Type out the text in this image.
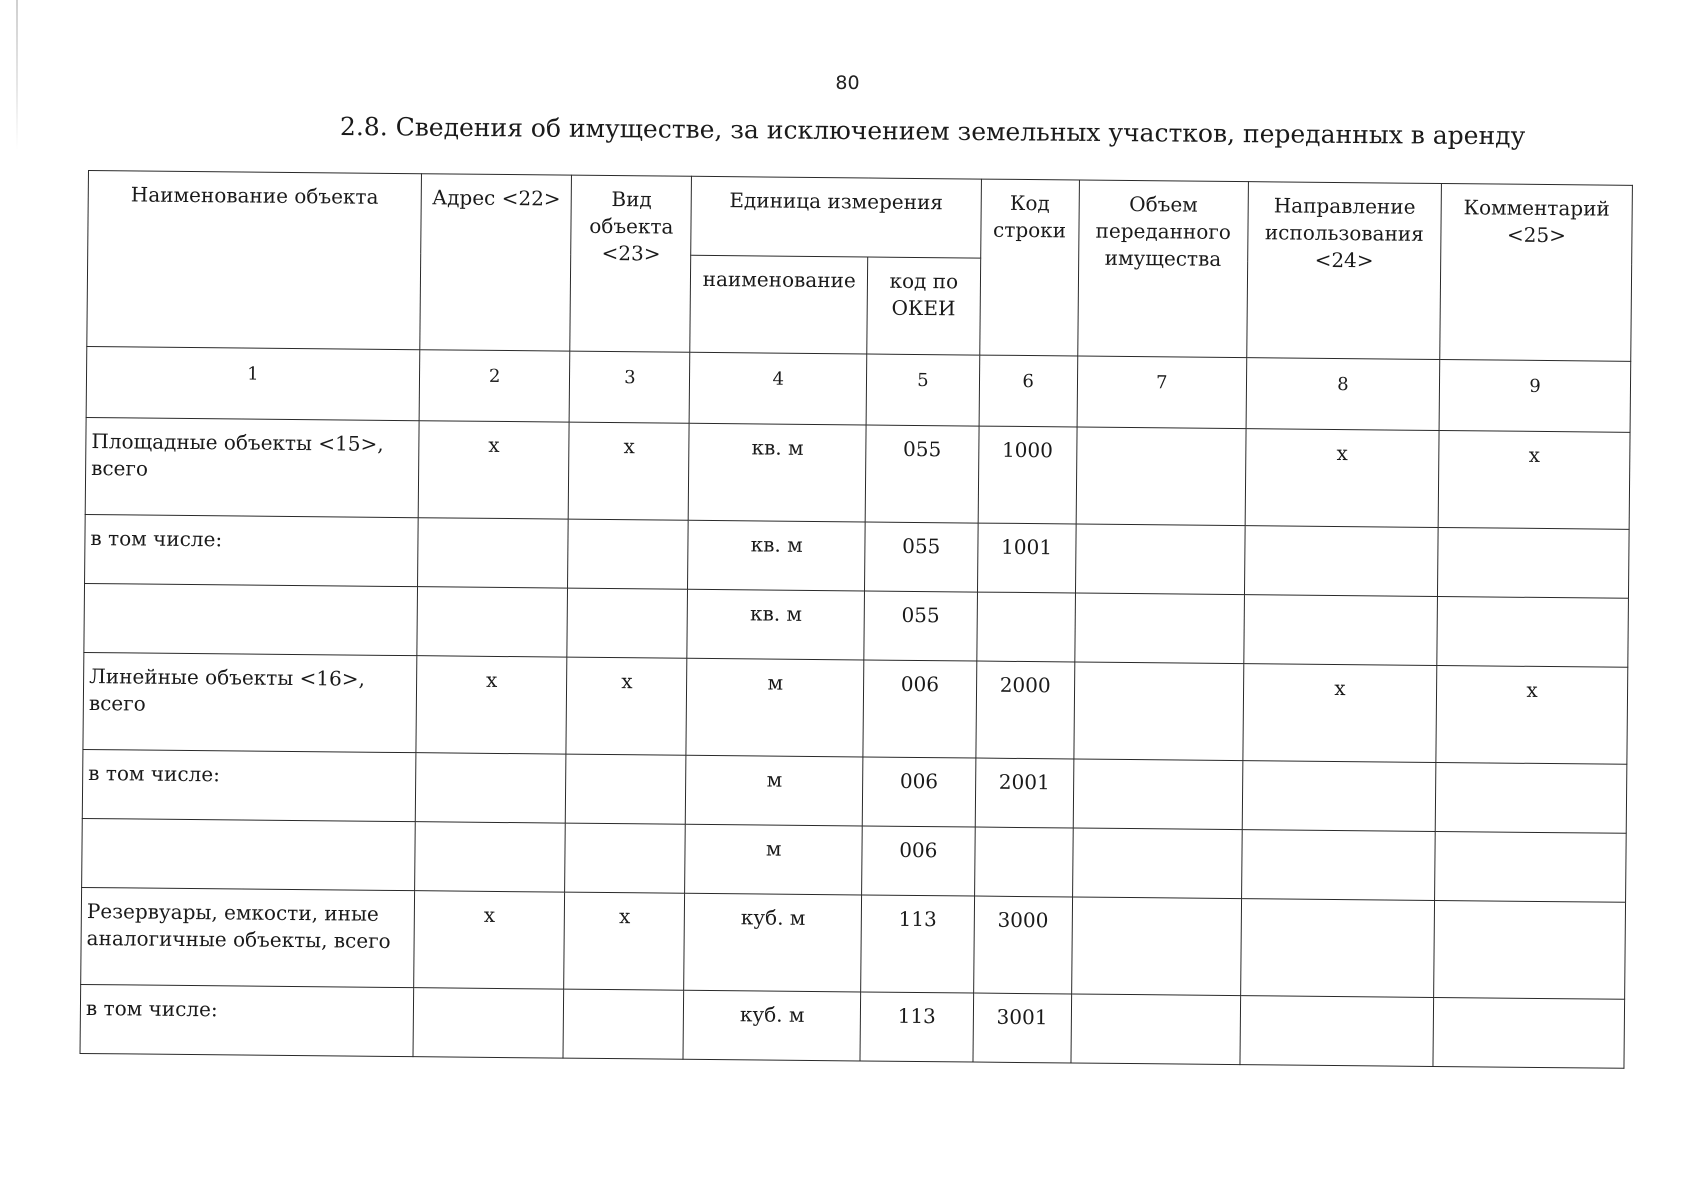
80
2.8. Сведения об имуществе, за исключением земельных участков, переданных в аренду
Наименование объекта	Адрес <22>	Вид объекта <23>	Единица измерения		Код строки	Объем переданного имущества	Направление использования <24>	Комментарий <25>
			наименование	код по ОКЕИ				
1	2	3	4	5	6	7	8	9
Площадные объекты <15>, всего	x	x	кв. м	055	1000		x	x
в том числе:			кв. м	055	1001			
			кв. м	055				
Линейные объекты <16>, всего	x	x	м	006	2000		x	x
в том числе:			м	006	2001			
			м	006				
Резервуары, емкости, иные аналогичные объекты, всего	x	x	куб. м	113	3000			
в том числе:			куб. м	113	3001			
